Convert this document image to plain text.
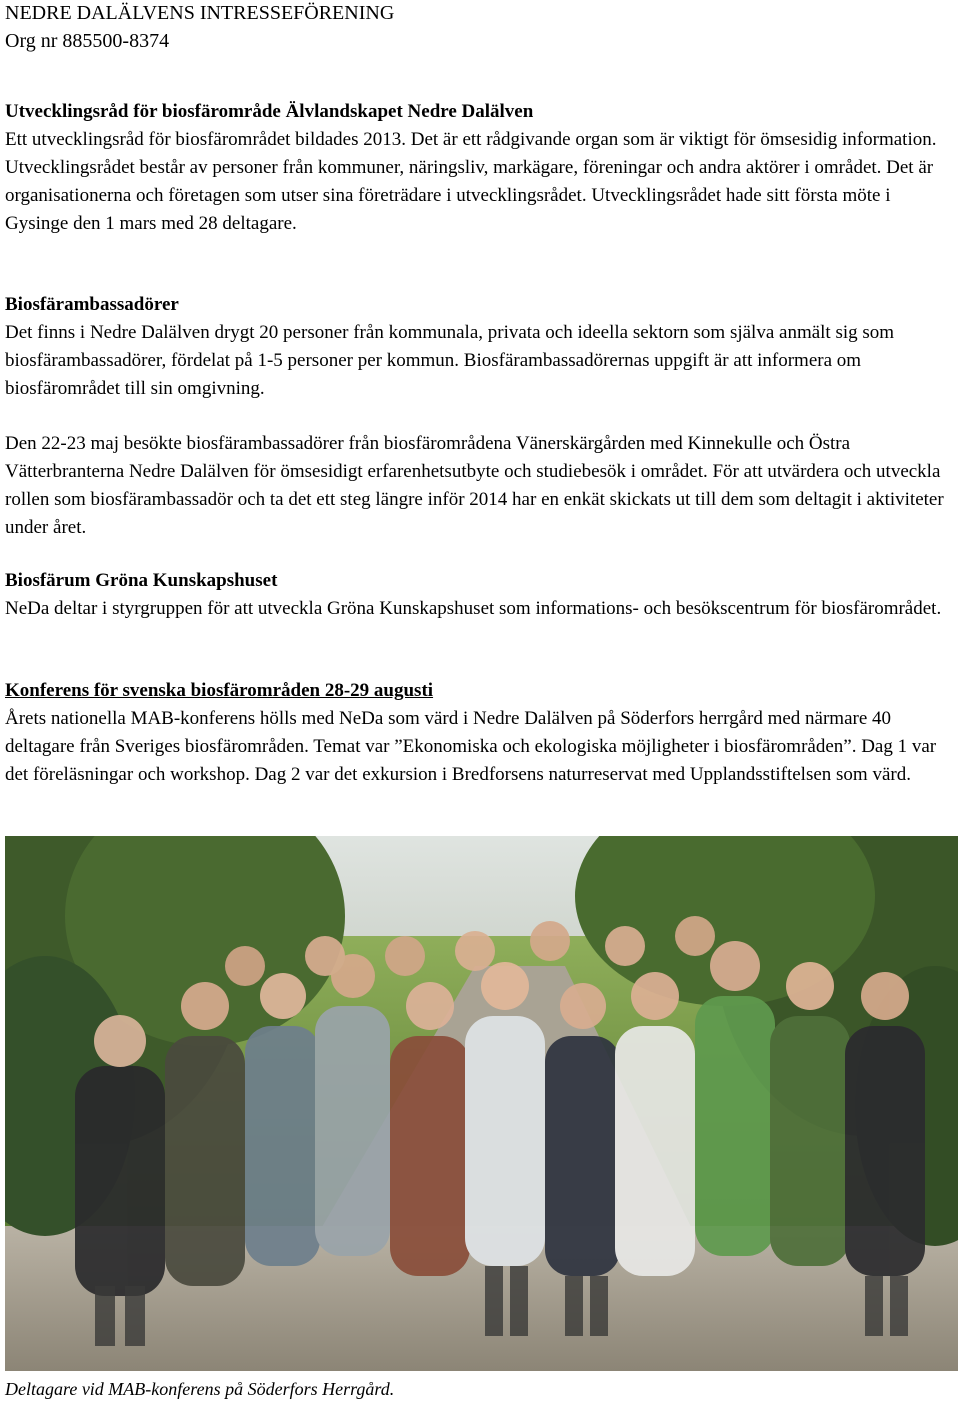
NEDRE DALÄLVENS INTRESSEFÖRENING
Org nr 885500-8374
Utvecklingsråd för biosfärområde Älvlandskapet Nedre Dalälven

Ett utvecklingsråd för biosfärområdet bildades 2013. Det är ett rådgivande organ som är viktigt för ömsesidig information. Utvecklingsrådet består av personer från kommuner, näringsliv, markägare, föreningar och andra aktörer i området. Det är organisationerna och företagen som utser sina företrädare i utvecklingsrådet. Utvecklingsrådet hade sitt första möte i Gysinge den 1 mars med 28 deltagare.

Biosfärambassadörer

Det finns i Nedre Dalälven drygt 20 personer från kommunala, privata och ideella sektorn som själva anmält sig som biosfärambassadörer, fördelat på 1-5 personer per kommun. Biosfärambassadörernas uppgift är att informera om biosfärområdet till sin omgivning.

Den 22-23 maj besökte biosfärambassadörer från biosfärområdena Vänerskärgården med Kinnekulle och Östra Vätterbranterna Nedre Dalälven för ömsesidigt erfarenhetsutbyte och studiebesök i området. För att utvärdera och utveckla rollen som biosfärambassadör och ta det ett steg längre inför 2014 har en enkät skickats ut till dem som deltagit i aktiviteter under året.

Biosfärum Gröna Kunskapshuset

NeDa deltar i styrgruppen för att utveckla Gröna Kunskapshuset som informations- och besökscentrum för biosfärområdet.

Konferens för svenska biosfärområden 28-29 augusti

Årets nationella MAB-konferens hölls med NeDa som värd i Nedre Dalälven på Söderfors herrgård med närmare 40 deltagare från Sveriges biosfärområden. Temat var ”Ekonomiska och ekologiska möjligheter i biosfärområden”. Dag 1 var det föreläsningar och workshop. Dag 2 var det exkursion i Bredforsens naturreservat med Upplandsstiftelsen som värd.

Deltagare vid MAB-konferens på Söderfors Herrgård.
